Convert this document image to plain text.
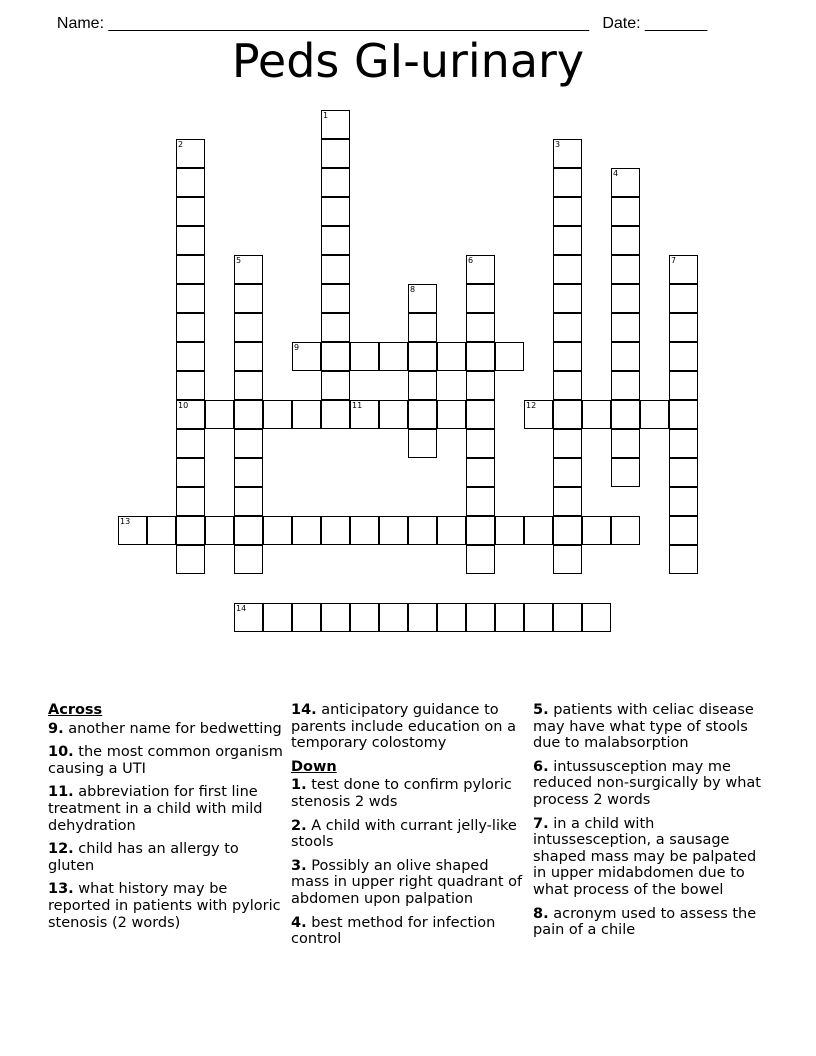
Name: ______________________________________________________ Date: _______

Peds GI-urinary
1
2
10
3
4
5	6	7
8
9
11	12
13
14
Across
9. another name for bedwetting
10. the most common organism causing a UTI
11. abbreviation for first line treatment in a child with mild dehydration
12. child has an allergy to gluten
13. what history may be reported in patients with pyloric stenosis (2 words)
14. anticipatory guidance to parents include education on a temporary colostomy
Down
1. test done to confirm pyloric stenosis 2 wds
2. A child with currant jelly-like stools
3. Possibly an olive shaped mass in upper right quadrant of abdomen upon palpation
4. best method for infection control
5. patients with celiac disease may have what type of stools due to malabsorption
6. intussusception may me reduced non-surgically by what process 2 words
7. in a child with intussesception, a sausage shaped mass may be palpated in upper midabdomen due to what process of the bowel
8. acronym used to assess the pain of a chile
